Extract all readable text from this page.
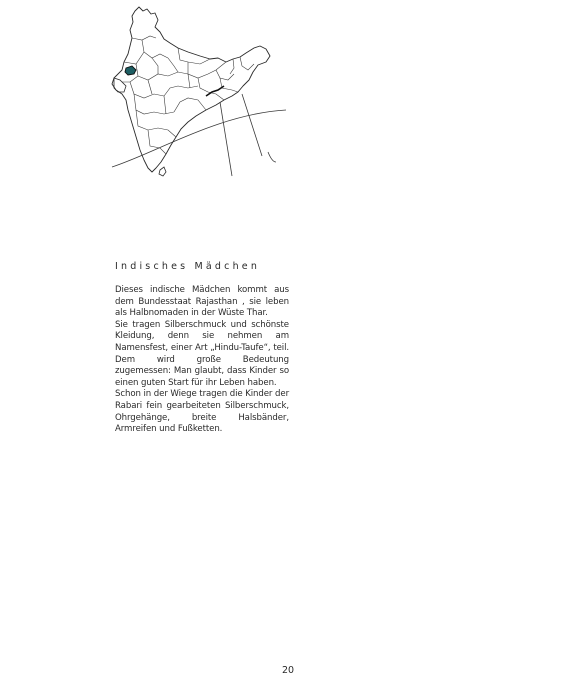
Indisches Mädchen

Dieses indische Mädchen kommt aus dem Bundesstaat Rajasthan , sie leben als Halbnomaden in der Wüste Thar.

Sie tragen Silberschmuck und schönste Kleidung, denn sie nehmen am Namensfest, einer Art „Hindu-Taufe“, teil. Dem wird große Bedeutung zugemessen: Man glaubt, dass Kinder so einen guten Start für ihr Leben haben.

Schon in der Wiege tragen die Kinder der Rabari fein gearbeiteten Silberschmuck, Ohrgehänge, breite Halsbänder, Armreifen und Fußketten.

20
